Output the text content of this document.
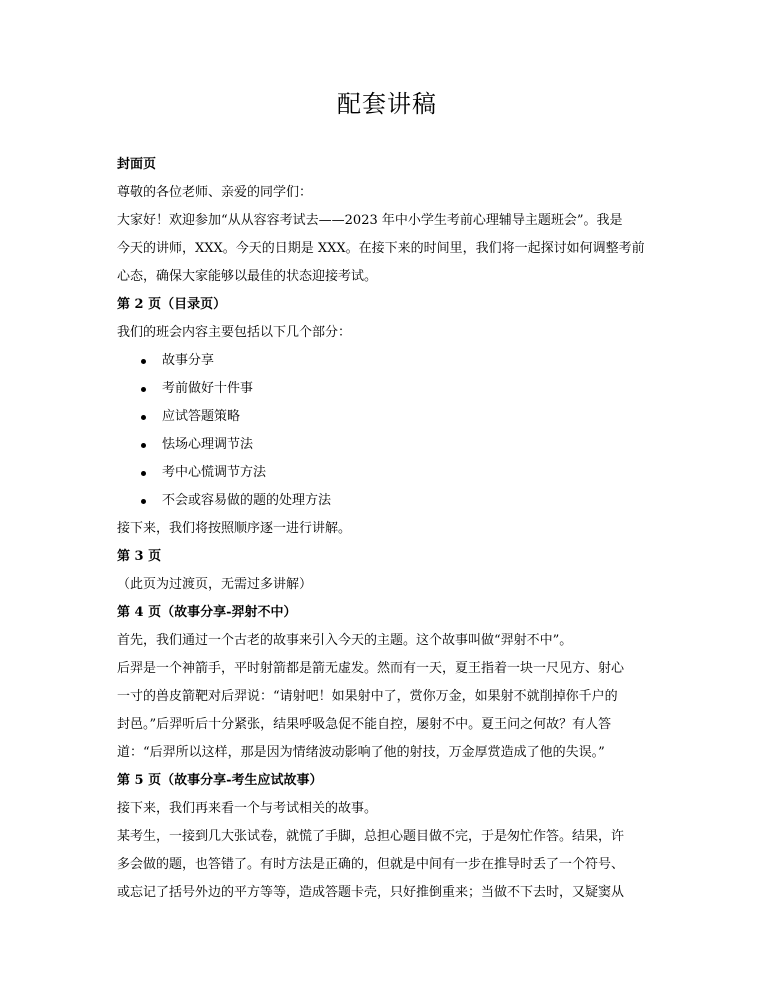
配套讲稿
封面页
尊敬的各位老师、亲爱的同学们：
大家好！欢迎参加“从从容容考试去——2023 年中小学生考前心理辅导主题班会”。我是
今天的讲师，XXX。今天的日期是 XXX。在接下来的时间里，我们将一起探讨如何调整考前
心态，确保大家能够以最佳的状态迎接考试。
第 2 页（目录页）
我们的班会内容主要包括以下几个部分：
故事分享
考前做好十件事
应试答题策略
怯场心理调节法
考中心慌调节方法
不会或容易做的题的处理方法
接下来，我们将按照顺序逐一进行讲解。
第 3 页
（此页为过渡页，无需过多讲解）
第 4 页（故事分享-羿射不中）
首先，我们通过一个古老的故事来引入今天的主题。这个故事叫做“羿射不中”。
后羿是一个神箭手，平时射箭都是箭无虚发。然而有一天，夏王指着一块一尺见方、射心
一寸的兽皮箭靶对后羿说：“请射吧！如果射中了，赏你万金，如果射不就削掉你千户的
封邑。”后羿听后十分紧张，结果呼吸急促不能自控，屡射不中。夏王问之何故？有人答
道：“后羿所以这样，那是因为情绪波动影响了他的射技，万金厚赏造成了他的失误。”
第 5 页（故事分享-考生应试故事）
接下来，我们再来看一个与考试相关的故事。
某考生，一接到几大张试卷，就慌了手脚，总担心题目做不完，于是匆忙作答。结果，许
多会做的题，也答错了。有时方法是正确的，但就是中间有一步在推导时丢了一个符号、
或忘记了括号外边的平方等等，造成答题卡壳，只好推倒重来；当做不下去时，又疑窦从
